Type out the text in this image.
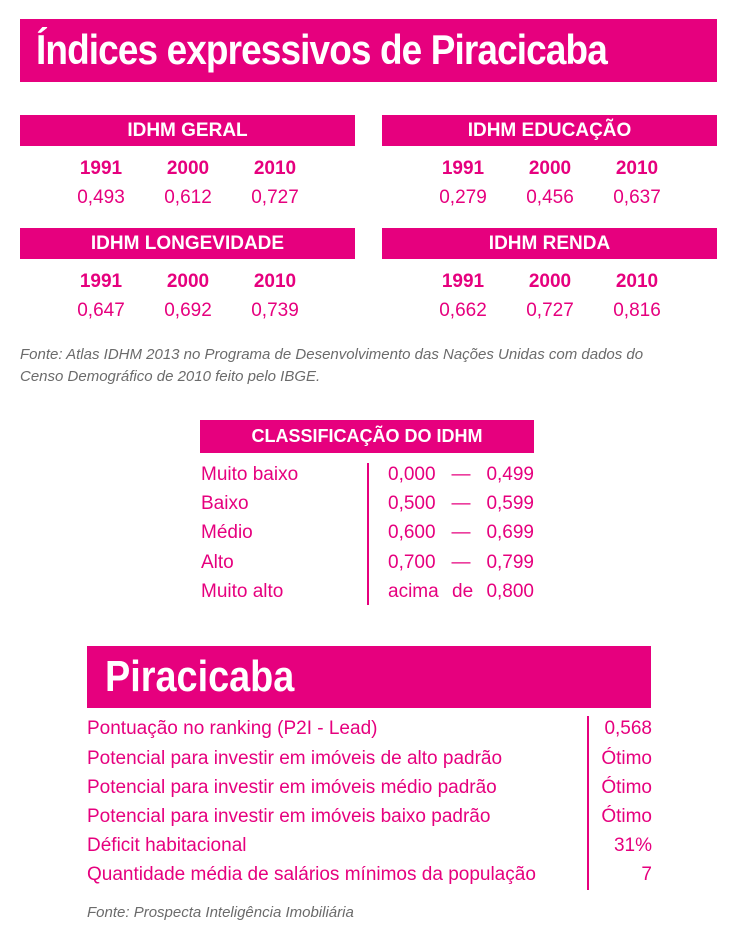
Índices expressivos de Piracicaba
IDHM GERAL
1991	2000	2010
0,493	0,612	0,727
IDHM EDUCAÇÃO
1991	2000	2010
0,279	0,456	0,637
IDHM LONGEVIDADE
1991	2000	2010
0,647	0,692	0,739
IDHM RENDA
1991	2000	2010
0,662	0,727	0,816
Fonte: Atlas IDHM 2013 no Programa de Desenvolvimento das Nações Unidas com dados do
Censo Demográfico de 2010 feito pelo IBGE.
CLASSIFICAÇÃO DO IDHM
Muito baixo	0,000 — 0,499
Baixo	0,500 — 0,599
Médio	0,600 — 0,699
Alto	0,700 — 0,799
Muito alto	acima de 0,800
Piracicaba
Pontuação no ranking (P2I - Lead)	0,568
Potencial para investir em imóveis de alto padrão	Ótimo
Potencial para investir em imóveis médio padrão	Ótimo
Potencial para investir em imóveis baixo padrão	Ótimo
Déficit habitacional	31%
Quantidade média de salários mínimos da população	7
Fonte: Prospecta Inteligência Imobiliária
